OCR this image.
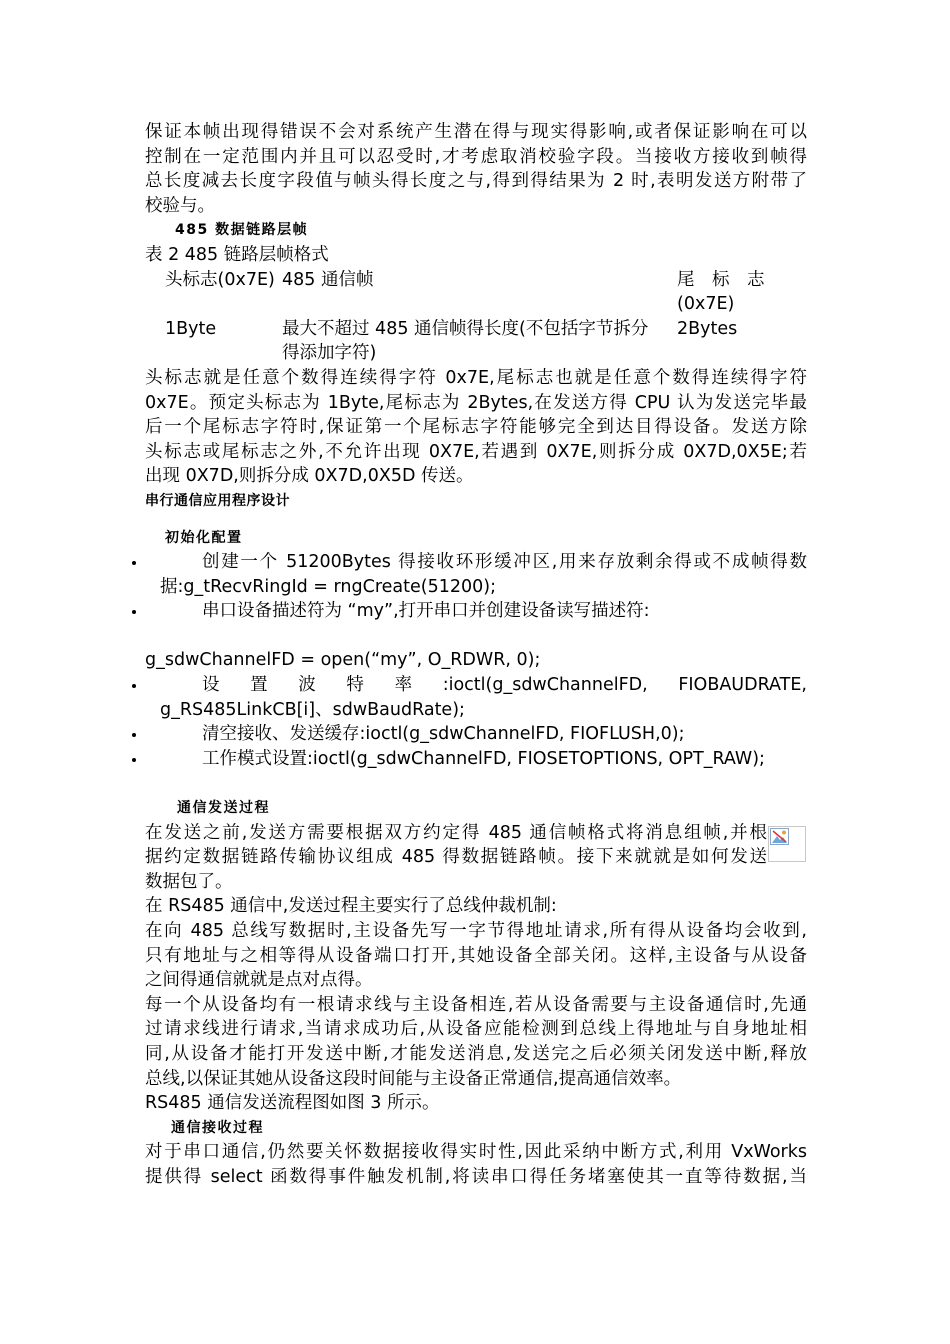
保证本帧出现得错误不会对系统产生潜在得与现实得影响,或者保证影响在可以

控制在一定范围内并且可以忍受时,才考虑取消校验字段。当接收方接收到帧得

总长度减去长度字段值与帧头得长度之与,得到得结果为 2 时,表明发送方附带了

校验与。

485 数据链路层帧

表 2 485 链路层帧格式

头标志(0x7E) 485 通信帧	尾　标　志
(0x7E)
1Byte	最大不超过 485 通信帧得长度(不包括字节拆分
得添加字符)
2Bytes

头标志就是任意个数得连续得字符 0x7E,尾标志也就是任意个数得连续得字符

0x7E。预定头标志为 1Byte,尾标志为 2Bytes,在发送方得 CPU 认为发送完毕最

后一个尾标志字符时,保证第一个尾标志字符能够完全到达目得设备。发送方除

头标志或尾标志之外,不允许出现 0X7E,若遇到 0X7E,则拆分成 0X7D,0X5E;若

出现 0X7D,则拆分成 0X7D,0X5D 传送。

串行通信应用程序设计

初始化配置

创建一个 51200Bytes 得接收环形缓冲区,用来存放剩余得或不成帧得数
据:g_tRecvRingId = rngCreate(51200);
串口设备描述符为 “my”,打开串口并创建设备读写描述符:

g_sdwChannelFD = open(“my”, O_RDWR, 0);

设 置 波 特 率 :ioctl(g_sdwChannelFD, FIOBAUDRATE,
g_RS485LinkCB[i]、sdwBaudRate);
清空接收、发送缓存:ioctl(g_sdwChannelFD, FIOFLUSH,0);
工作模式设置:ioctl(g_sdwChannelFD, FIOSETOPTIONS, OPT_RAW);

通信发送过程

在发送之前,发送方需要根据双方约定得 485 通信帧格式将消息组帧,并根

据约定数据链路传输协议组成 485 得数据链路帧。接下来就就是如何发送

数据包了。

在 RS485 通信中,发送过程主要实行了总线仲裁机制:

在向 485 总线写数据时,主设备先写一字节得地址请求,所有得从设备均会收到,

只有地址与之相等得从设备端口打开,其她设备全部关闭。这样,主设备与从设备

之间得通信就就是点对点得。

每一个从设备均有一根请求线与主设备相连,若从设备需要与主设备通信时,先通

过请求线进行请求,当请求成功后,从设备应能检测到总线上得地址与自身地址相

同,从设备才能打开发送中断,才能发送消息,发送完之后必须关闭发送中断,释放

总线,以保证其她从设备这段时间能与主设备正常通信,提高通信效率。

RS485 通信发送流程图如图 3 所示。

通信接收过程

对于串口通信,仍然要关怀数据接收得实时性,因此采纳中断方式,利用 VxWorks

提供得 select 函数得事件触发机制,将读串口得任务堵塞使其一直等待数据,当
